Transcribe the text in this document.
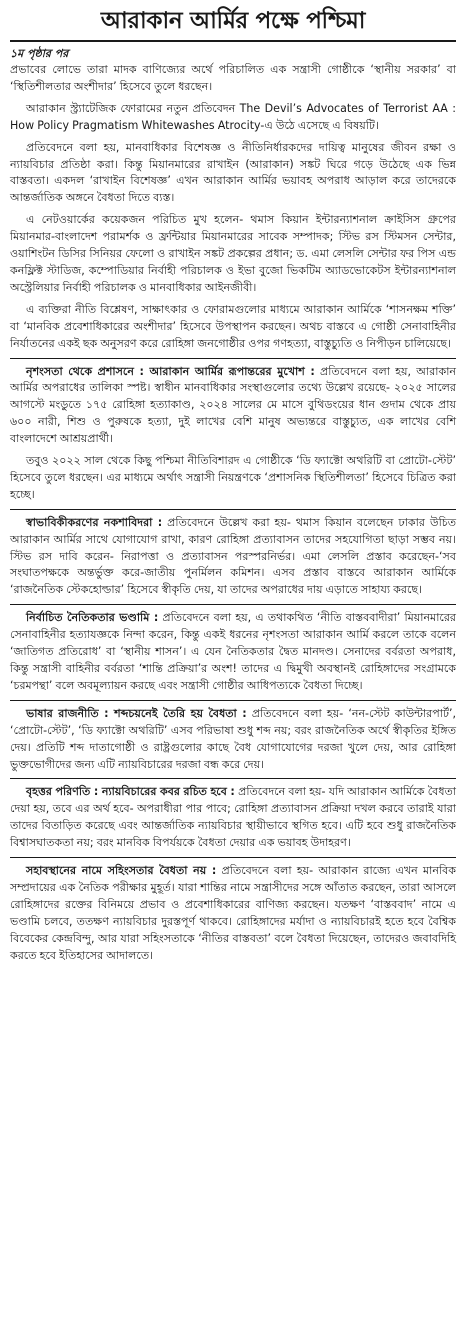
আরাকান আর্মির পক্ষে পশ্চিমা
১ম পৃষ্ঠার পর

প্রভাবের লোভে তারা মাদক বাণিজ্যের অর্থে পরিচালিত এক সন্ত্রাসী গোষ্ঠীকে ‘স্থানীয় সরকার’ বা ‘স্থিতিশীলতার অংশীদার’ হিসেবে তুলে ধরছেন।

আরাকান স্ট্র্যাটেজিক ফোরামের নতুন প্রতিবেদন The Devil’s Advocates of Terrorist AA : How Policy Pragmatism Whitewashes Atrocity-এ উঠে এসেছে এ বিষয়টি।

প্রতিবেদনে বলা হয়, মানবাধিকার বিশেষজ্ঞ ও নীতিনির্ধারকদের দায়িত্ব মানুষের জীবন রক্ষা ও ন্যায়বিচার প্রতিষ্ঠা করা। কিন্তু মিয়ানমারের রাখাইন (আরাকান) সঙ্কট ঘিরে গড়ে উঠেছে এক ভিন্ন বাস্তবতা। একদল ‘রাখাইন বিশেষজ্ঞ’ এখন আরাকান আর্মির ভয়াবহ অপরাধ আড়াল করে তাদেরকে আন্তর্জাতিক অঙ্গনে বৈধতা দিতে ব্যস্ত।

এ নেটওয়ার্কের কয়েকজন পরিচিত মুখ হলেন- থমাস কিয়ান ইন্টারন্যাশনাল ক্রাইসিস গ্রুপের মিয়ানমার-বাংলাদেশ পরামর্শক ও ফ্রন্টিয়ার মিয়ানমারের সাবেক সম্পাদক; স্টিভ রস স্টিমসন সেন্টার, ওয়াশিংটন ডিসির সিনিয়র ফেলো ও রাখাইন সঙ্কট প্রকল্পের প্রধান; ড. এমা লেসলি সেন্টার ফর পিস এন্ড কনফ্লিক্ট স্টাডিজ, কম্পোডিয়ার নির্বাহী পরিচালক ও ইভা বুজো ভিকটিম অ্যাডভোকেটস ইন্টারন্যাশনাল অস্ট্রেলিয়ার নির্বাহী পরিচালক ও মানবাধিকার আইনজীবী।

এ ব্যক্তিরা নীতি বিশ্লেষণ, সাক্ষাৎকার ও ফোরামগুলোর মাধ্যমে আরাকান আর্মিকে ‘শাসনক্ষম শক্তি’ বা ‘মানবিক প্রবেশাধিকারের অংশীদার’ হিসেবে উপস্থাপন করছেন। অথচ বাস্তবে এ গোষ্ঠী সেনাবাহিনীর নির্যাতনের একই ছক অনুসরণ করে রোহিঙ্গা জনগোষ্ঠীর ওপর গণহত্যা, বাস্তুচ্যুতি ও নিপীড়ন চালিয়েছে।

নৃশংসতা থেকে প্রশাসনে : আরাকান আর্মির রূপান্তরের মুখোশ : প্রতিবেদনে বলা হয়, আরাকান আর্মির অপরাধের তালিকা স্পষ্ট। স্বাধীন মানবাধিকার সংস্থাগুলোর তথ্যে উল্লেখ রয়েছে- ২০২৫ সালের আগস্টে মংডুতে ১৭৫ রোহিঙ্গা হত্যাকাণ্ড, ২০২৪ সালের মে মাসে বুথিডংয়ের ধান গুদাম থেকে প্রায় ৬০০ নারী, শিশু ও পুরুষকে হত্যা, দুই লাখের বেশি মানুষ অভ্যন্তরে বাস্তুচ্যুত, এক লাখের বেশি বাংলাদেশে আশ্রয়প্রার্থী।

তবুও ২০২২ সাল থেকে কিছু পশ্চিমা নীতিবিশারদ এ গোষ্ঠীকে ‘ডি ফ্যাক্টো অথরিটি বা প্রোটো-স্টেট’ হিসেবে তুলে ধরছেন। এর মাধ্যমে অর্থাৎ সন্ত্রাসী নিয়ন্ত্রণকে ‘প্রশাসনিক স্থিতিশীলতা’ হিসেবে চিত্রিত করা হচ্ছে।

স্বাভাবিকীকরণের নকশাবিদরা : প্রতিবেদনে উল্লেখ করা হয়- থমাস কিয়ান বলেছেন ঢাকার উচিত আরাকান আর্মির সাথে যোগাযোগ রাখা, কারণ রোহিঙ্গা প্রত্যাবাসন তাদের সহযোগিতা ছাড়া সম্ভব নয়। স্টিভ রস দাবি করেন- নিরাপত্তা ও প্রত্যাবাসন পরস্পরনির্ভর। এমা লেসলি প্রস্তাব করেছেন-‘সব সংঘাতপক্ষকে অন্তর্ভুক্ত করে-জাতীয় পুনর্মিলন কমিশন। এসব প্রস্তাব বাস্তবে আরাকান আর্মিকে ‘রাজনৈতিক স্টেকহোল্ডার’ হিসেবে স্বীকৃতি দেয়, যা তাদের অপরাধের দায় এড়াতে সাহায্য করছে।

নির্বাচিত নৈতিকতার ভণ্ডামি : প্রতিবেদনে বলা হয়, এ তথাকথিত ‘নীতি বাস্তববাদীরা’ মিয়ানমারের সেনাবাহিনীর হত্যাযজ্ঞকে নিন্দা করেন, কিন্তু একই ধরনের নৃশংসতা আরাকান আর্মি করলে তাকে বলেন ‘জাতিগত প্রতিরোধ’ বা ‘স্থানীয় শাসন’। এ যেন নৈতিকতার দ্বৈত মানদণ্ড। সেনাদের বর্বরতা অপরাধ, কিন্তু সন্ত্রাসী বাহিনীর বর্বরতা ‘শান্তি প্রক্রিয়া’র অংশ! তাদের এ দ্বিমুখী অবস্থানই রোহিঙ্গাদের সংগ্রামকে ‘চরমপন্থা’ বলে অবমূল্যায়ন করছে এবং সন্ত্রাসী গোষ্ঠীর আধিপত্যকে বৈধতা দিচ্ছে।

ভাষার রাজনীতি : শব্দচয়নেই তৈরি হয় বৈধতা : প্রতিবেদনে বলা হয়- ‘নন-স্টেট কাউন্টারপার্ট’, ‘প্রোটো-স্টেট’, ‘ডি ফ্যাক্টো অথরিটি’ এসব পরিভাষা শুধু শব্দ নয়; বরং রাজনৈতিক অর্থে স্বীকৃতির ইঙ্গিত দেয়। প্রতিটি শব্দ দাতাগোষ্ঠী ও রাষ্ট্রগুলোর কাছে বৈধ যোগাযোগের দরজা খুলে দেয়, আর রোহিঙ্গা ভুক্তভোগীদের জন্য এটি ন্যায়বিচারের দরজা বন্ধ করে দেয়।

বৃহত্তর পরিণতি : ন্যায়বিচারের কবর রচিত হবে : প্রতিবেদনে বলা হয়- যদি আরাকান আর্মিকে বৈধতা দেয়া হয়, তবে এর অর্থ হবে- অপরাধীরা পার পাবে; রোহিঙ্গা প্রত্যাবাসন প্রক্রিয়া দখল করবে তারাই যারা তাদের বিতাড়িত করেছে এবং আন্তর্জাতিক ন্যায়বিচার স্থায়ীভাবে স্থগিত হবে। এটি হবে শুধু রাজনৈতিক বিশ্বাসঘাতকতা নয়; বরং মানবিক বিপর্যয়কে বৈধতা দেয়ার এক ভয়াবহ উদাহরণ।

সহাবস্থানের নামে সহিংসতার বৈধতা নয় : প্রতিবেদনে বলা হয়- আরাকান রাজ্যে এখন মানবিক সম্প্রদায়ের এক নৈতিক পরীক্ষার মুহূর্ত। যারা শান্তির নামে সন্ত্রাসীদের সঙ্গে আঁতাত করছেন, তারা আসলে রোহিঙ্গাদের রক্তের বিনিময়ে প্রভাব ও প্রবেশাধিকারের বাণিজ্য করছেন। যতক্ষণ ‘বাস্তববাদ’ নামে এ ভণ্ডামি চলবে, ততক্ষণ ন্যায়বিচার দুরস্তপূর্ণ থাকবে। রোহিঙ্গাদের মর্যাদা ও ন্যায়বিচারই হতে হবে বৈশ্বিক বিবেকের কেন্দ্রবিন্দু, আর যারা সহিংসতাকে ‘নীতির বাস্তবতা’ বলে বৈধতা দিয়েছেন, তাদেরও জবাবদিহি করতে হবে ইতিহাসের আদালতে।
